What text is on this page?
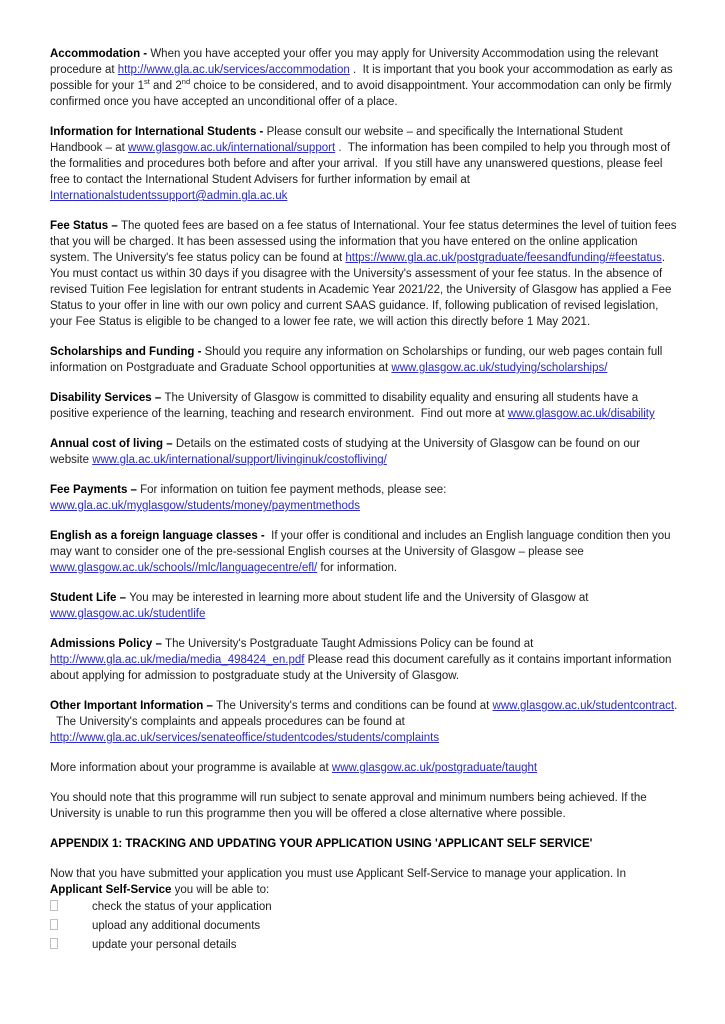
Accommodation - When you have accepted your offer you may apply for University Accommodation using the relevant procedure at http://www.gla.ac.uk/services/accommodation .  It is important that you book your accommodation as early as possible for your 1st and 2nd choice to be considered, and to avoid disappointment. Your accommodation can only be firmly confirmed once you have accepted an unconditional offer of a place.

Information for International Students - Please consult our website – and specifically the International Student Handbook – at www.glasgow.ac.uk/international/support .  The information has been compiled to help you through most of the formalities and procedures both before and after your arrival.  If you still have any unanswered questions, please feel free to contact the International Student Advisers for further information by email at Internationalstudentssupport@admin.gla.ac.uk

Fee Status – The quoted fees are based on a fee status of International. Your fee status determines the level of tuition fees that you will be charged. It has been assessed using the information that you have entered on the online application system. The University's fee status policy can be found at https://www.gla.ac.uk/postgraduate/feesandfunding/#feestatus. You must contact us within 30 days if you disagree with the University's assessment of your fee status. In the absence of revised Tuition Fee legislation for entrant students in Academic Year 2021/22, the University of Glasgow has applied a Fee Status to your offer in line with our own policy and current SAAS guidance. If, following publication of revised legislation, your Fee Status is eligible to be changed to a lower fee rate, we will action this directly before 1 May 2021.

Scholarships and Funding - Should you require any information on Scholarships or funding, our web pages contain full information on Postgraduate and Graduate School opportunities at www.glasgow.ac.uk/studying/scholarships/

Disability Services – The University of Glasgow is committed to disability equality and ensuring all students have a positive experience of the learning, teaching and research environment.  Find out more at www.glasgow.ac.uk/disability

Annual cost of living – Details on the estimated costs of studying at the University of Glasgow can be found on our website www.gla.ac.uk/international/support/livinginuk/costofliving/

Fee Payments – For information on tuition fee payment methods, please see: www.gla.ac.uk/myglasgow/students/money/paymentmethods

English as a foreign language classes -  If your offer is conditional and includes an English language condition then you may want to consider one of the pre-sessional English courses at the University of Glasgow – please see www.glasgow.ac.uk/schools//mlc/languagecentre/efl/ for information.

Student Life – You may be interested in learning more about student life and the University of Glasgow at www.glasgow.ac.uk/studentlife

Admissions Policy – The University's Postgraduate Taught Admissions Policy can be found at http://www.gla.ac.uk/media/media_498424_en.pdf Please read this document carefully as it contains important information about applying for admission to postgraduate study at the University of Glasgow.

Other Important Information – The University's terms and conditions can be found at www.glasgow.ac.uk/studentcontract.   The University's complaints and appeals procedures can be found at http://www.gla.ac.uk/services/senateoffice/studentcodes/students/complaints

More information about your programme is available at www.glasgow.ac.uk/postgraduate/taught

You should note that this programme will run subject to senate approval and minimum numbers being achieved. If the University is unable to run this programme then you will be offered a close alternative where possible.

APPENDIX 1: TRACKING AND UPDATING YOUR APPLICATION USING 'APPLICANT SELF SERVICE'

Now that you have submitted your application you must use Applicant Self-Service to manage your application. In Applicant Self-Service you will be able to:

check the status of your application
upload any additional documents
update your personal details
